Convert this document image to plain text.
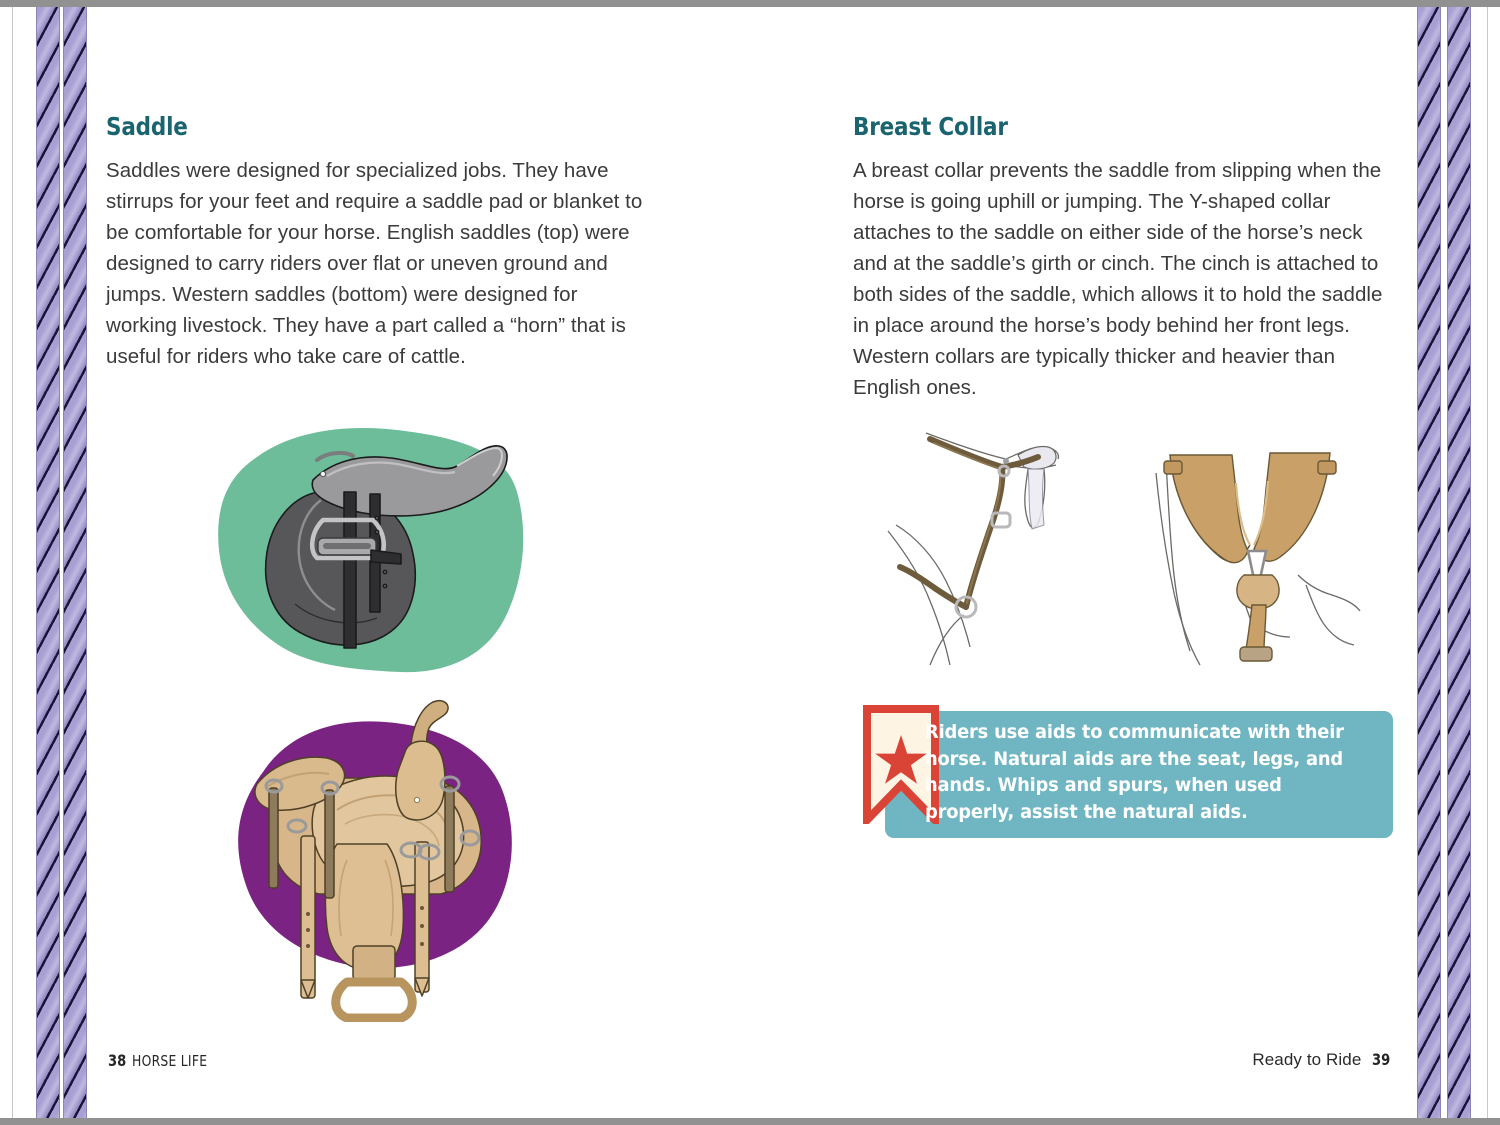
Saddle

Saddles were designed for specialized jobs. They have stirrups for your feet and require a saddle pad or blanket to be comfortable for your horse. English saddles (top) were designed to carry riders over flat or uneven ground and jumps. Western saddles (bottom) were designed for working livestock. They have a part called a “horn” that is useful for riders who take care of cattle.

Breast Collar

A breast collar prevents the saddle from slipping when the horse is going uphill or jumping. The Y-shaped collar attaches to the saddle on either side of the horse’s neck and at the saddle’s girth or cinch. The cinch is attached to both sides of the saddle, which allows it to hold the saddle in place around the horse’s body behind her front legs. Western collars are typically thicker and heavier than English ones.

Riders use aids to communicate with their horse. Natural aids are the seat, legs, and hands. Whips and spurs, when used properly, assist the natural aids.
38 HORSE LIFE	Ready to Ride 39
